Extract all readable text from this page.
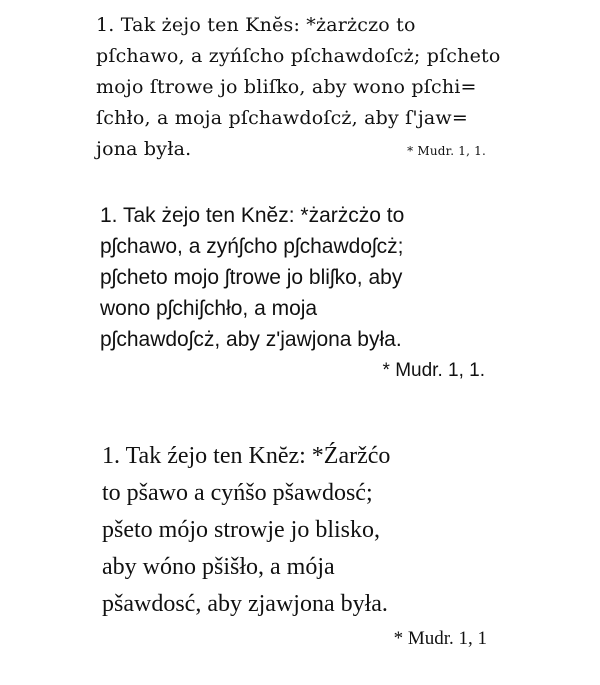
1. Tak żejo ten Knĕs: *żarżczo to
pſchawo, a zyńſcho pſchawdoſcż; pſcheto
mojo ſtrowe jo bliſko, aby wono pſchi=
ſchło, a moja pſchawdoſcż, aby ſ'jaw=
jona była.	* Mudr. 1, 1.
1. Tak żejo ten Knĕz: *żarżcżo to
pʃchawo, a zyńʃcho pʃchawdoʃcż;
pʃcheto mojo ʃtrowe jo bliʃko, aby
wono pʃchiʃchło, a moja
pʃchawdoʃcż, aby z'jawjona była.
* Mudr. 1, 1.
1. Tak źejo ten Knĕz: *Źaržćo
to pšawo a cyńšo pšawdosć;
pšeto mójo strowje jo blisko,
aby wóno pšišło, a mója
pšawdosć, aby zjawjona była.
* Mudr. 1, 1
